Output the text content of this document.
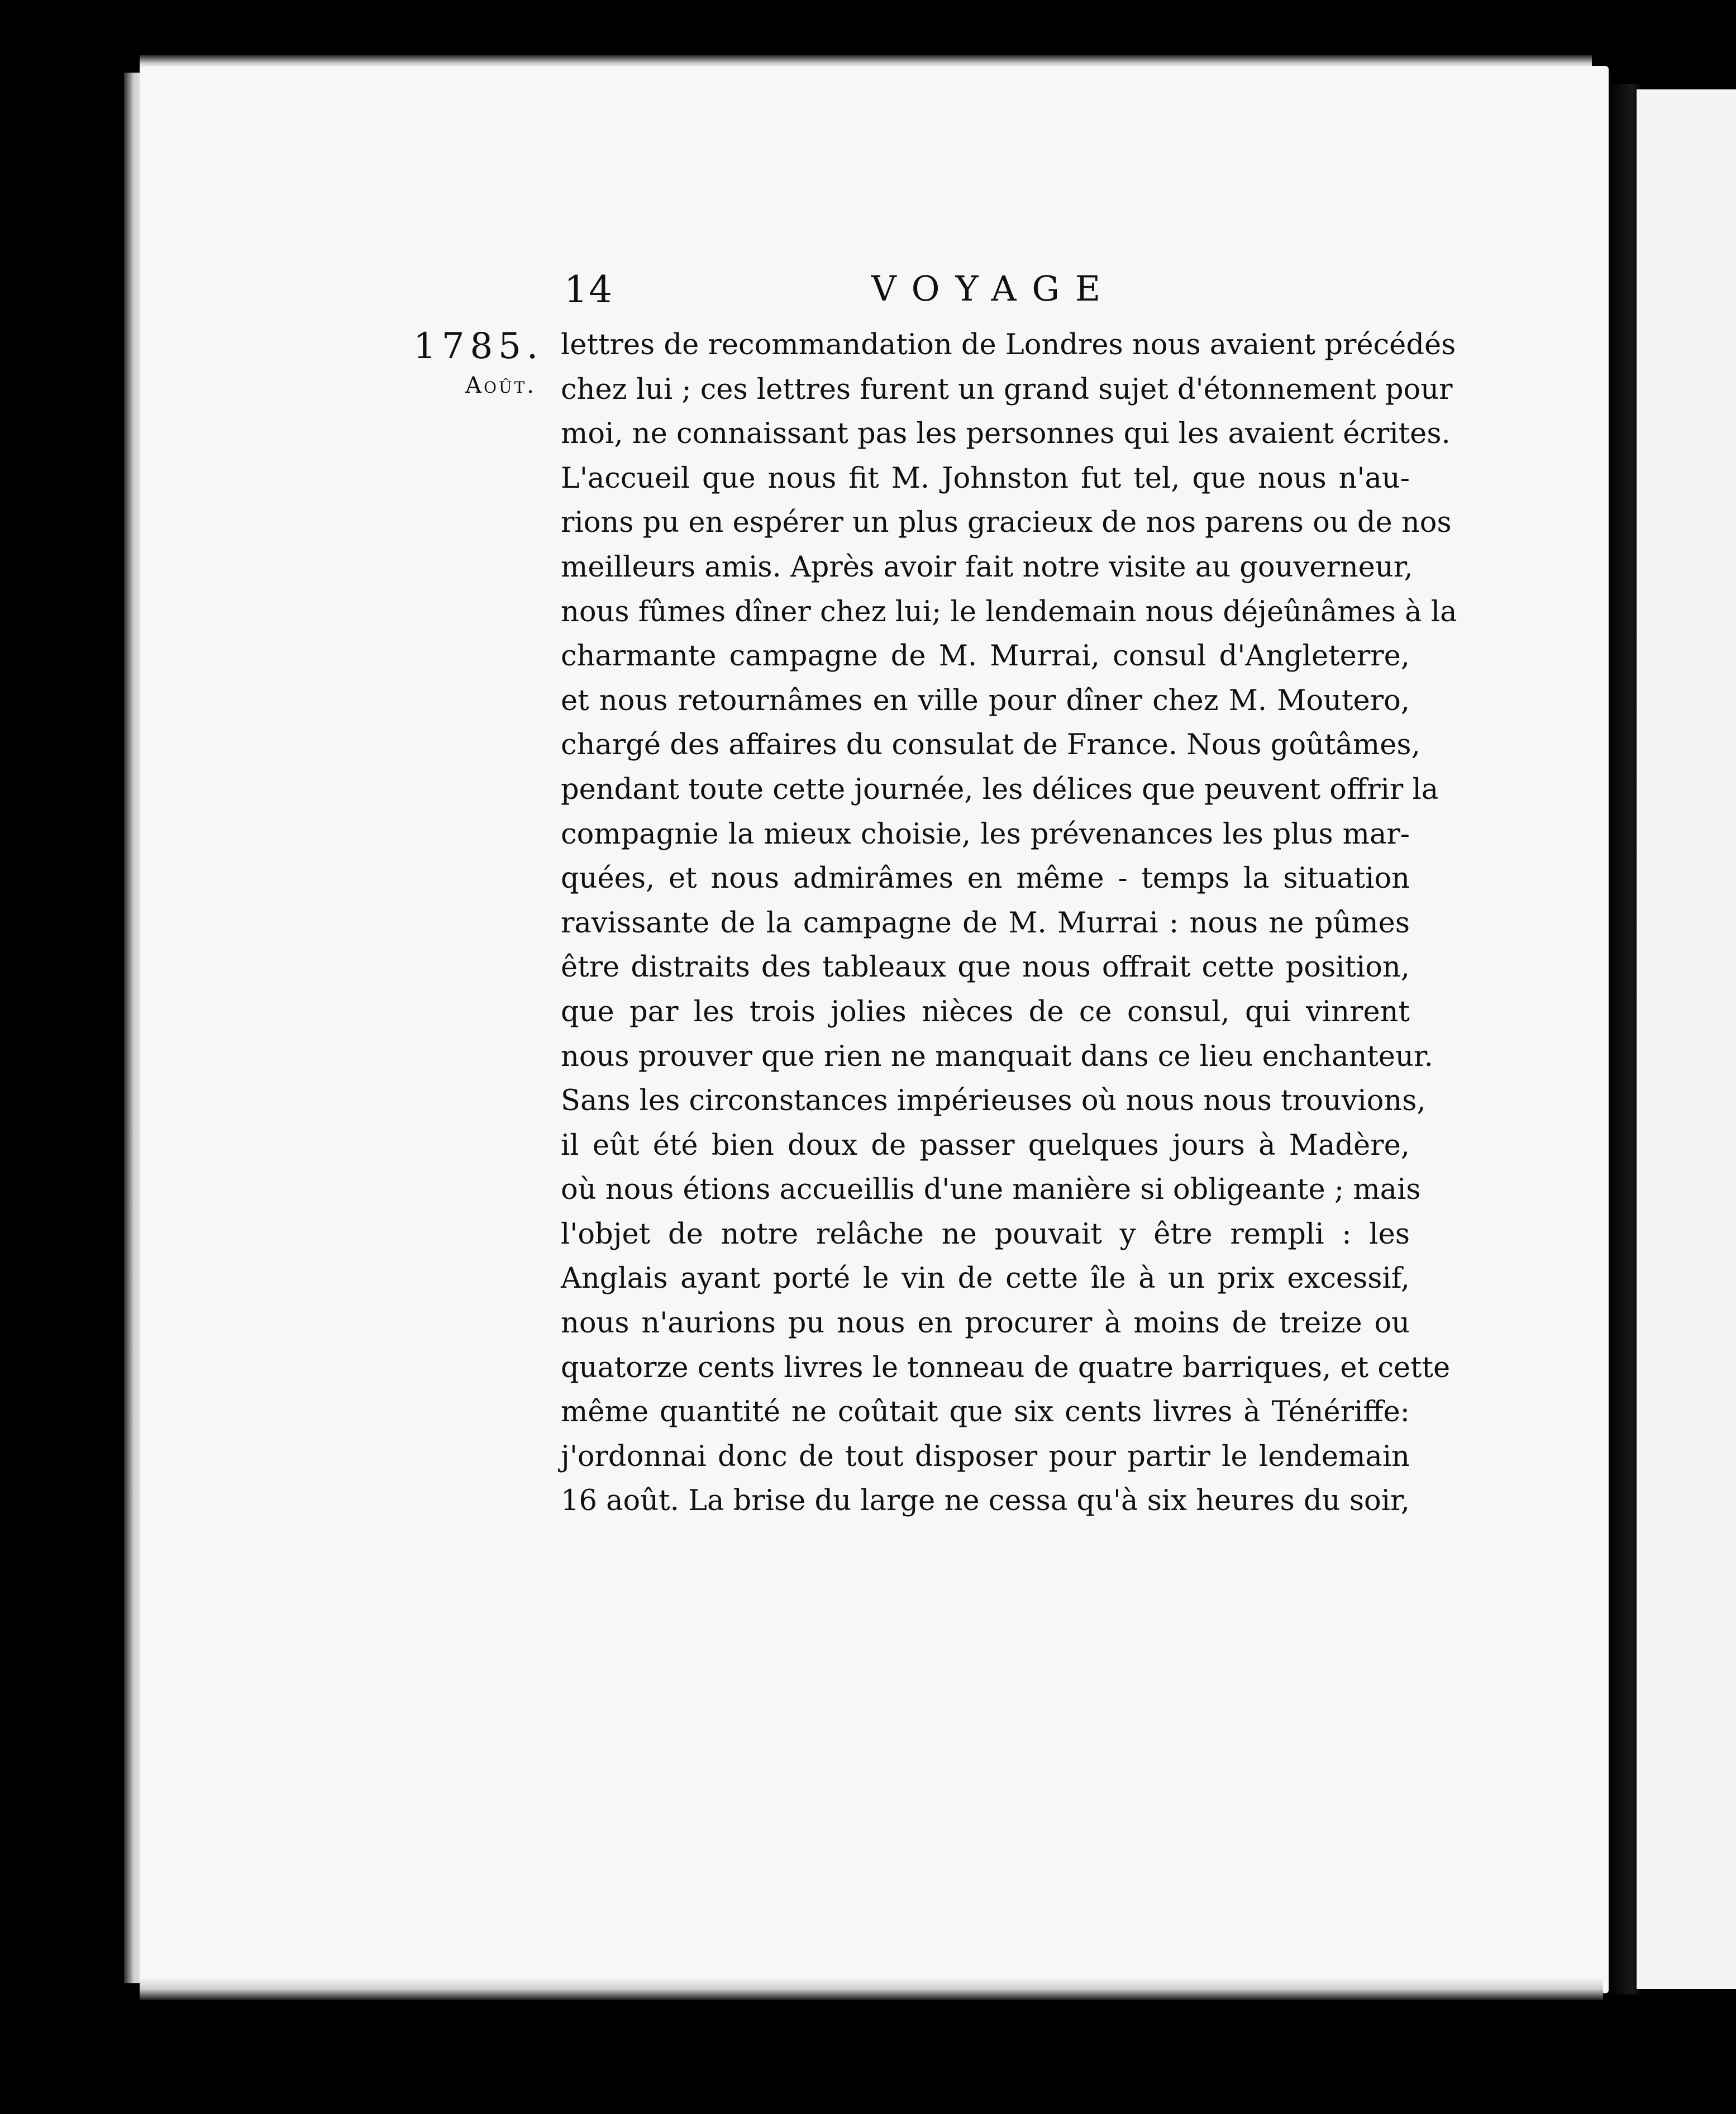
14	VOYAGE
1785.
Août.
lettres de recommandation de Londres nous avaient précédés
chez lui ; ces lettres furent un grand sujet d'étonnement pour
moi, ne connaissant pas les personnes qui les avaient écrites.
L'accueil que nous fit M. Johnston fut tel, que nous n'au-
rions pu en espérer un plus gracieux de nos parens ou de nos
meilleurs amis. Après avoir fait notre visite au gouverneur,
nous fûmes dîner chez lui; le lendemain nous déjeûnâmes à la
charmante campagne de M. Murrai, consul d'Angleterre,
et nous retournâmes en ville pour dîner chez M. Moutero,
chargé des affaires du consulat de France. Nous goûtâmes,
pendant toute cette journée, les délices que peuvent offrir la
compagnie la mieux choisie, les prévenances les plus mar-
quées, et nous admirâmes en même - temps la situation
ravissante de la campagne de M. Murrai : nous ne pûmes
être distraits des tableaux que nous offrait cette position,
que par les trois jolies nièces de ce consul, qui vinrent
nous prouver que rien ne manquait dans ce lieu enchanteur.
Sans les circonstances impérieuses où nous nous trouvions,
il eût été bien doux de passer quelques jours à Madère,
où nous étions accueillis d'une manière si obligeante ; mais
l'objet de notre relâche ne pouvait y être rempli : les
Anglais ayant porté le vin de cette île à un prix excessif,
nous n'aurions pu nous en procurer à moins de treize ou
quatorze cents livres le tonneau de quatre barriques, et cette
même quantité ne coûtait que six cents livres à Ténériffe:
j'ordonnai donc de tout disposer pour partir le lendemain
16 août. La brise du large ne cessa qu'à six heures du soir,
